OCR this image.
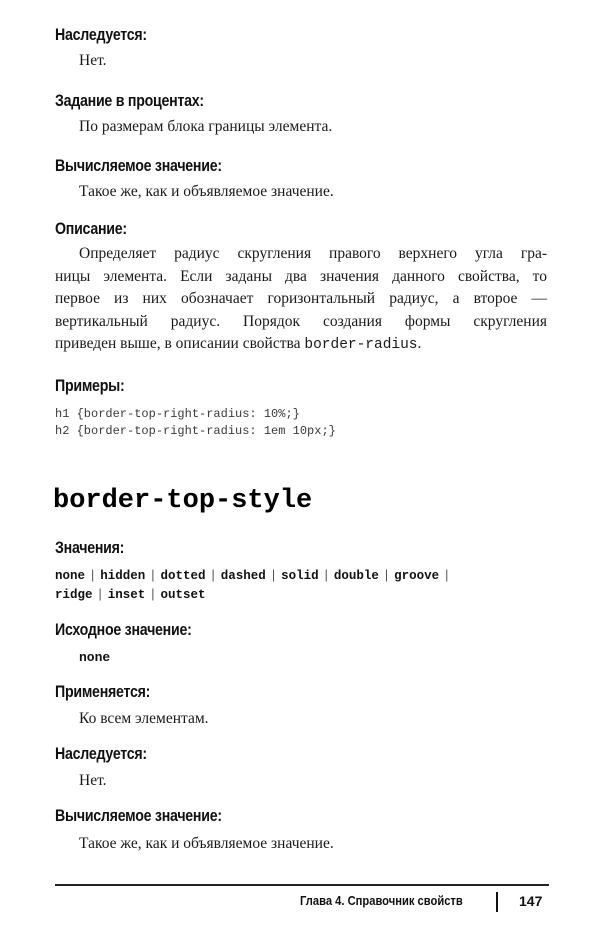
Наследуется:
Нет.
Задание в процентах:
По размерам блока границы элемента.
Вычисляемое значение:
Такое же, как и объявляемое значение.
Описание:
Определяет радиус скругления правого верхнего угла гра-
ницы элемента. Если заданы два значения данного свойства, то
первое из них обозначает горизонтальный радиус, а второе —
вертикальный радиус. Порядок создания формы скругления
приведен выше, в описании свойства border-radius.
Примеры:
h1 {border-top-right-radius: 10%;}
h2 {border-top-right-radius: 1em 10px;}
border-top-style
Значения:
none | hidden | dotted | dashed | solid | double | groove |
ridge | inset | outset
Исходное значение:
none
Применяется:
Ко всем элементам.
Наследуется:
Нет.
Вычисляемое значение:
Такое же, как и объявляемое значение.
Глава 4. Справочник свойств	147
